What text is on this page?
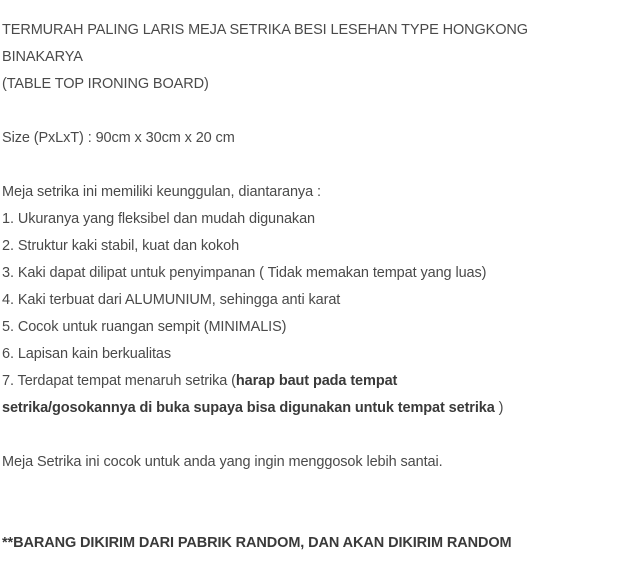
TERMURAH PALING LARIS MEJA SETRIKA BESI LESEHAN TYPE HONGKONG
BINAKARYA
(TABLE TOP IRONING BOARD)
Size (PxLxT) : 90cm x 30cm x 20 cm
Meja setrika ini memiliki keunggulan, diantaranya :
1. Ukuranya yang fleksibel dan mudah digunakan
2. Struktur kaki stabil, kuat dan kokoh
3. Kaki dapat dilipat untuk penyimpanan ( Tidak memakan tempat yang luas)
4. Kaki terbuat dari ALUMUNIUM, sehingga anti karat
5. Cocok untuk ruangan sempit (MINIMALIS)
6. Lapisan kain berkualitas
7. Terdapat tempat menaruh setrika (harap baut pada tempat
setrika/gosokannya di buka supaya bisa digunakan untuk tempat setrika )
Meja Setrika ini cocok untuk anda yang ingin menggosok lebih santai.
**BARANG DIKIRIM DARI PABRIK RANDOM, DAN AKAN DIKIRIM RANDOM
